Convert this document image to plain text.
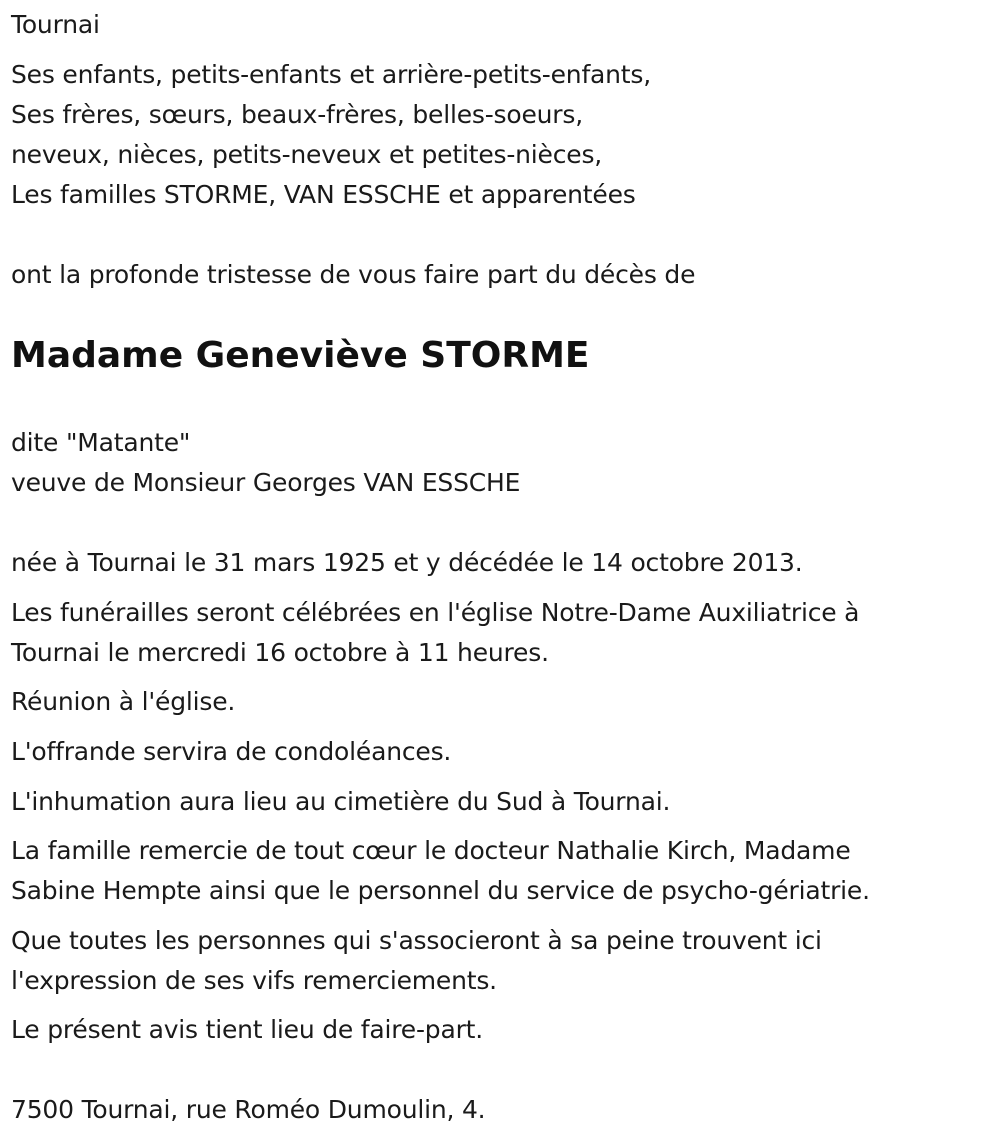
Tournai
Ses enfants, petits-enfants et arrière-petits-enfants,
Ses frères, sœurs, beaux-frères, belles-soeurs,
neveux, nièces, petits-neveux et petites-nièces,
Les familles STORME, VAN ESSCHE et apparentées
ont la profonde tristesse de vous faire part du décès de
Madame Geneviève STORME
dite "Matante"
veuve de Monsieur Georges VAN ESSCHE
née à Tournai le 31 mars 1925 et y décédée le 14 octobre 2013.
Les funérailles seront célébrées en l'église Notre-Dame Auxiliatrice à
Tournai le mercredi 16 octobre à 11 heures.
Réunion à l'église.
L'offrande servira de condoléances.
L'inhumation aura lieu au cimetière du Sud à Tournai.
La famille remercie de tout cœur le docteur Nathalie Kirch, Madame
Sabine Hempte ainsi que le personnel du service de psycho-gériatrie.
Que toutes les personnes qui s'associeront à sa peine trouvent ici
l'expression de ses vifs remerciements.
Le présent avis tient lieu de faire-part.
7500 Tournai, rue Roméo Dumoulin, 4.
